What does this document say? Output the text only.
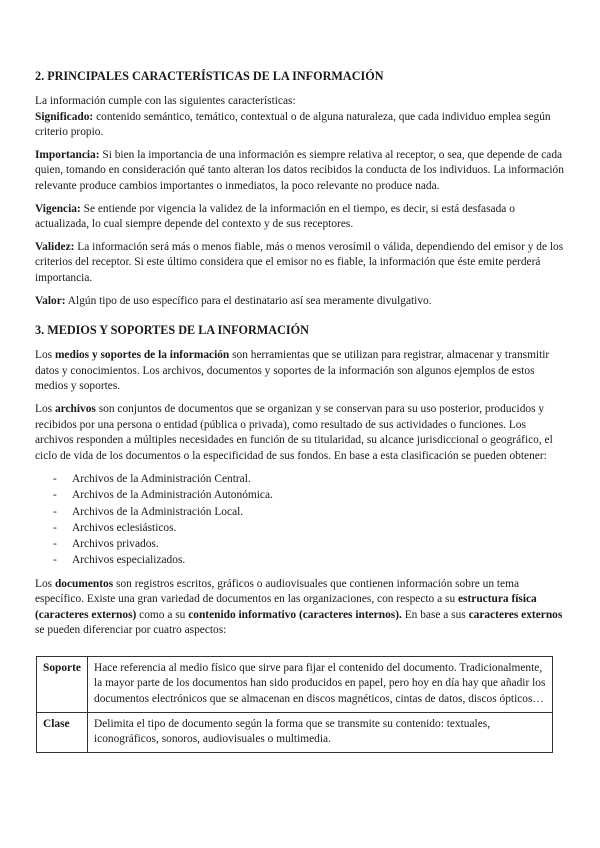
2. PRINCIPALES CARACTERÍSTICAS DE LA INFORMACIÓN

La información cumple con las siguientes características:

Significado: contenido semántico, temático, contextual o de alguna naturaleza, que cada individuo emplea según criterio propio.

Importancia: Si bien la importancia de una información es siempre relativa al receptor, o sea, que depende de cada quien, tomando en consideración qué tanto alteran los datos recibidos la conducta de los individuos. La información relevante produce cambios importantes o inmediatos, la poco relevante no produce nada.

Vigencia: Se entiende por vigencia la validez de la información en el tiempo, es decir, si está desfasada o actualizada, lo cual siempre depende del contexto y de sus receptores.

Validez: La información será más o menos fiable, más o menos verosímil o válida, dependiendo del emisor y de los criterios del receptor. Si este último considera que el emisor no es fiable, la información que éste emite perderá importancia.

Valor: Algún tipo de uso específico para el destinatario así sea meramente divulgativo.

3. MEDIOS Y SOPORTES DE LA INFORMACIÓN

Los medios y soportes de la información son herramientas que se utilizan para registrar, almacenar y transmitir datos y conocimientos. Los archivos, documentos y soportes de la información son algunos ejemplos de estos medios y soportes.

Los archivos son conjuntos de documentos que se organizan y se conservan para su uso posterior, producidos y recibidos por una persona o entidad (pública o privada), como resultado de sus actividades o funciones. Los archivos responden a múltiples necesidades en función de su titularidad, su alcance jurisdiccional o geográfico, el ciclo de vida de los documentos o la especificidad de sus fondos. En base a esta clasificación se pueden obtener:

- Archivos de la Administración Central.
- Archivos de la Administración Autonómica.
- Archivos de la Administración Local.
- Archivos eclesiásticos.
- Archivos privados.
- Archivos especializados.

Los documentos son registros escritos, gráficos o audiovisuales que contienen información sobre un tema específico. Existe una gran variedad de documentos en las organizaciones, con respecto a su estructura física (caracteres externos) como a su contenido informativo (caracteres internos). En base a sus caracteres externos se pueden diferenciar por cuatro aspectos:

Soporte	Hace referencia al medio físico que sirve para fijar el contenido del documento. Tradicionalmente, la mayor parte de los documentos han sido producidos en papel, pero hoy en día hay que añadir los documentos electrónicos que se almacenan en discos magnéticos, cintas de datos, discos ópticos…
Clase	Delimita el tipo de documento según la forma que se transmite su contenido: textuales, iconográficos, sonoros, audiovisuales o multimedia.
